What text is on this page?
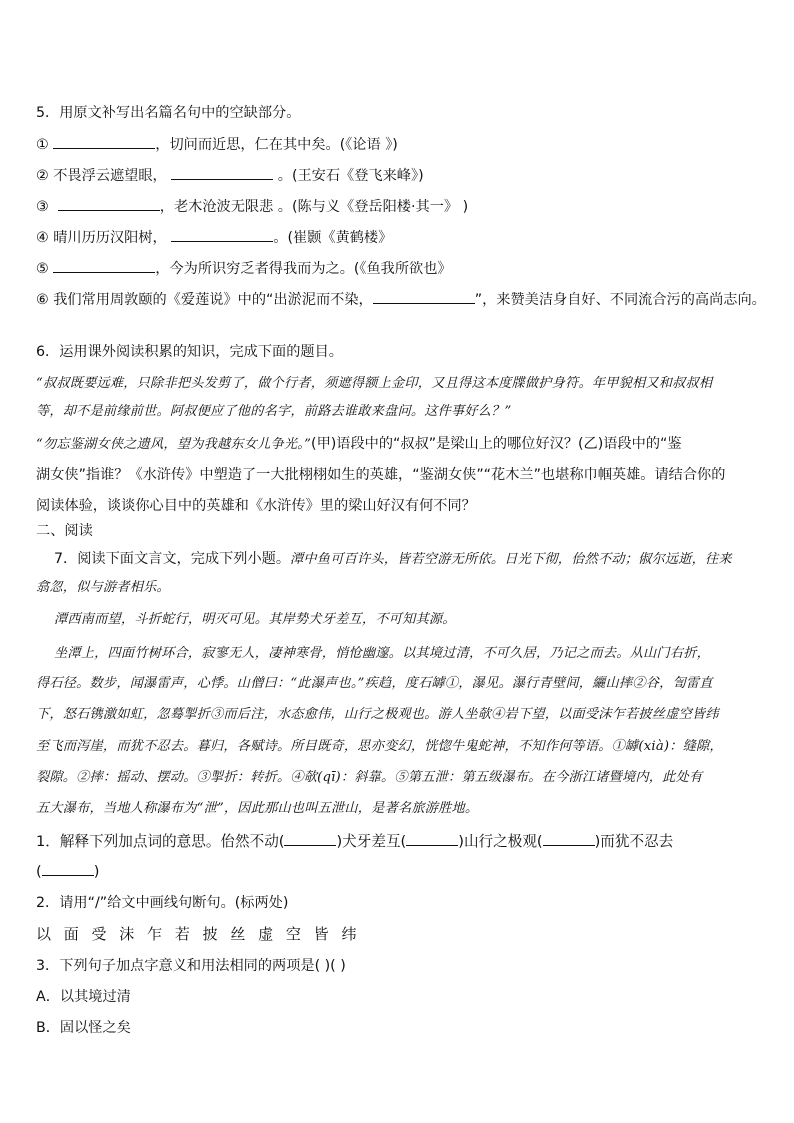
5．用原文补写出名篇名句中的空缺部分。
①	，切问而近思，仁在其中矣。(《论语 》)
② 不畏浮云遮望眼，	。(王安石《登飞来峰》)
③	，老木沧波无限悲 。(陈与义《登岳阳楼·其一》 )
④ 晴川历历汉阳树，	。(崔颢《黄鹤楼》
⑤	，今为所识穷乏者得我而为之。(《鱼我所欲也》
⑥ 我们常用周敦颐的《爱莲说》中的“出淤泥而不染，	”，来赞美洁身自好、不同流合污的高尚志向。
6．运用课外阅读积累的知识，完成下面的题目。
“叔叔既要远难，只除非把头发剪了，做个行者，须遮得额上金印，又且得这本度牒做护身符。年甲貌相又和叔叔相
等，却不是前缘前世。阿叔便应了他的名字，前路去谁敢来盘问。这件事好么？”
“勿忘鉴湖女侠之遗风，望为我越东女儿争光。”(甲)语段中的“叔叔”是梁山上的哪位好汉？(乙)语段中的“鉴
湖女侠”指谁？《水浒传》中塑造了一大批栩栩如生的英雄，“鉴湖女侠”“花木兰”也堪称巾帼英雄。请结合你的
阅读体验，谈谈你心目中的英雄和《水浒传》里的梁山好汉有何不同？
二、阅读
7．阅读下面文言文，完成下列小题。潭中鱼可百许头，皆若空游无所依。日光下彻，佁然不动；俶尔远逝，往来
翕忽，似与游者相乐。
潭西南而望，斗折蛇行，明灭可见。其岸势犬牙差互，不可知其源。
坐潭上，四面竹树环合，寂寥无人，凄神寒骨，悄怆幽邃。以其境过清，不可久居，乃记之而去。从山门右折，
得石径。数步，闻瀑雷声，心悸。山僧曰：“此瀑声也。”疾趋，度石罅①，瀑见。瀑行青壁间，纚山摔②谷，訇雷直
下，怒石镌激如虹，忽蓦掣折③而后注，水态愈伟，山行之极观也。游人坐欹④岩下望，以面受沫乍若披丝虚空皆纬
至飞而泻崖，而犹不忍去。暮归，各赋诗。所目既奇，思亦变幻，恍惚牛鬼蛇神，不知作何等语。①罅(xià)：缝隙，
裂隙。②摔：摇动、摆动。③掣折：转折。④欹(qī)：斜靠。⑤第五泄：第五级瀑布。在今浙江诸暨境内，此处有
五大瀑布，当地人称瀑布为“泄”，因此那山也叫五泄山，是著名旅游胜地。
1．解释下列加点词的意思。佁然不动(	)犬牙差互(	)山行之极观(	)而犹不忍去
(	)
2．请用“/”给文中画线句断句。(标两处)
以 面 受 沫 乍 若 披 丝 虚 空 皆 纬
3．下列句子加点字意义和用法相同的两项是( )( )
A．以其境过清
B．固以怪之矣
